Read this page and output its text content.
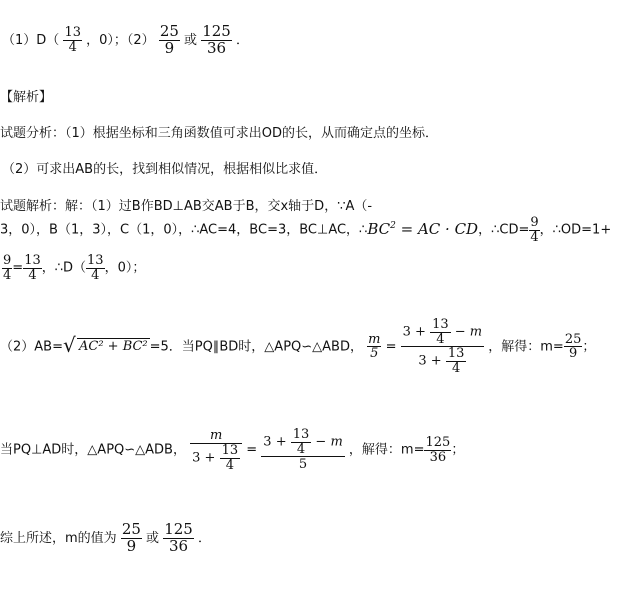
$(1)D( \frac{13}{4}$ ，0）；$(2) \frac{25}{9}$ 或 $\frac{125}{36}$ ．
【解析】
试题分析：（1）根据坐标和三角函数值可求出OD的长，从而确定点的坐标．
（2）可求出AB的长，找到相似情况，根据相似比求值．
试题解析：解：（1）过B作BD⊥AB交AB于B，交x轴于D，∵A（-
3，0），B（1，3），C（1，0），∴AC=4，BC=3，BC⊥AC，$\therefore BC^2$ = AC · CD，∴CD= $\frac{9}{4}$ ，∴OD=1+
$\frac{9}{4} = \frac{13}{4}$ ，∴D（ $\frac{13}{4}$ ，0）；
（2）AB= √ AC² + BC² =5．当PQ∥BD时，△APQ∽△ABD， $\frac{m}{5} = \frac{3 + \frac{13}{4} - m}{3 + \frac{13}{4}}$ ，解得：$m= \frac{25}{9}$ ；
当PQ⊥AD时，△APQ∽△ADB， $\frac{m}{3 + \frac{13}{4}} = \frac{3 + \frac{13}{4} - m}{5}$ ，解得：$m= \frac{125}{36}$ ；
综上所述，m的值为 $\frac{25}{9}$ 或 $\frac{125}{36}$ ．
